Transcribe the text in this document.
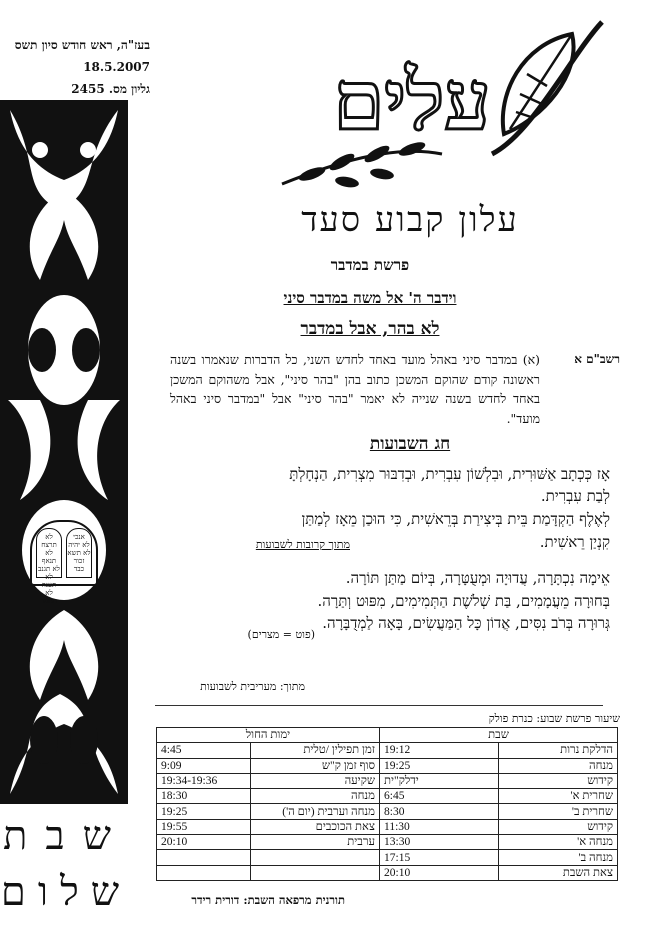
בעז"ה, ראש חודש סיון תשס
18.5.2007
גליון מס. 2455
אנכי
לא יהיה
לא תשא
זכור
כבד
לא תרצח
לא תנאף
לא תגנב
לא תענה
לא תחמד
שבת
שלום
עלים
עלון קבוע סעד
פרשת במדבר
וידבר ה' אל משה במדבר סיני
לא בהר, אבל במדבר
רשב"ם א
(א) במדבר סיני באהל מועד באחד לחדש השני, כל הדברות שנאמרו בשנה ראשונה קודם שהוקם המשכן כתוב בהן "בהר סיני", אבל משהוקם המשכן באחד לחדש בשנה שנייה לא יאמר "בהר סיני" אבל "במדבר סיני באהל מועד".
חג השבועות
אָז כְּכְתָב אַשּׁוּרִית, וּבִלְשׁוֹן עִבְרִית, וּבְדִבּוּר מִצְרִית, הַנְחָלְתָּ
לְבַת עִבְרִית.
לְאֶלֶף הַקְדָּמַת בֵּית בְּיצִירַת בְּרֵאשִׁית, כִּי הוּכַן מֵאָז לְמַתַּן
קִנְיַן רֵאשִׁית.
מתוך קרובות לשבועות
אֵימָה נִכְתָּרָה, עֲדוּיָה וּמְעֻטָּרָה, בְּיוֹם מַתַּן תּוֹרָה.
בְּחוּרָה מֵעֲמָמִים, בַּת שְׁלֹשֶׁת הַתְּמִימִים, מִפּוּט וְתַּרָה.
גְּרוּרָה בְּרֹב נִסִּים, אֲדוֹן כָּל הַמַּעֲשִׂים, בָּאָה לַמְדֻבָּרָה.
(פוט = מצרים)
מתוך: מעריבית לשבועות
שיעור פרשת שבוע: כנרת פולק
שבת		ימות החול	
הדלקת נרות	19:12	זמן תפילין /טלית	4:45
מנחה	19:25	סוף זמן ק"ש	9:09
קידוש	ידלק"ית	שקיעה	19:34-19:36
שחרית א'	6:45	מנחה	18:30
שחרית ב'	8:30	מנחה וערבית (יום ה')	19:25
קידוש	11:30	צאת הכוכבים	19:55
מנחה א'	13:30	ערבית	20:10
מנחה ב'	17:15		
צאת השבת	20:10		
תורנית מרפאה השבת: דורית רידר
